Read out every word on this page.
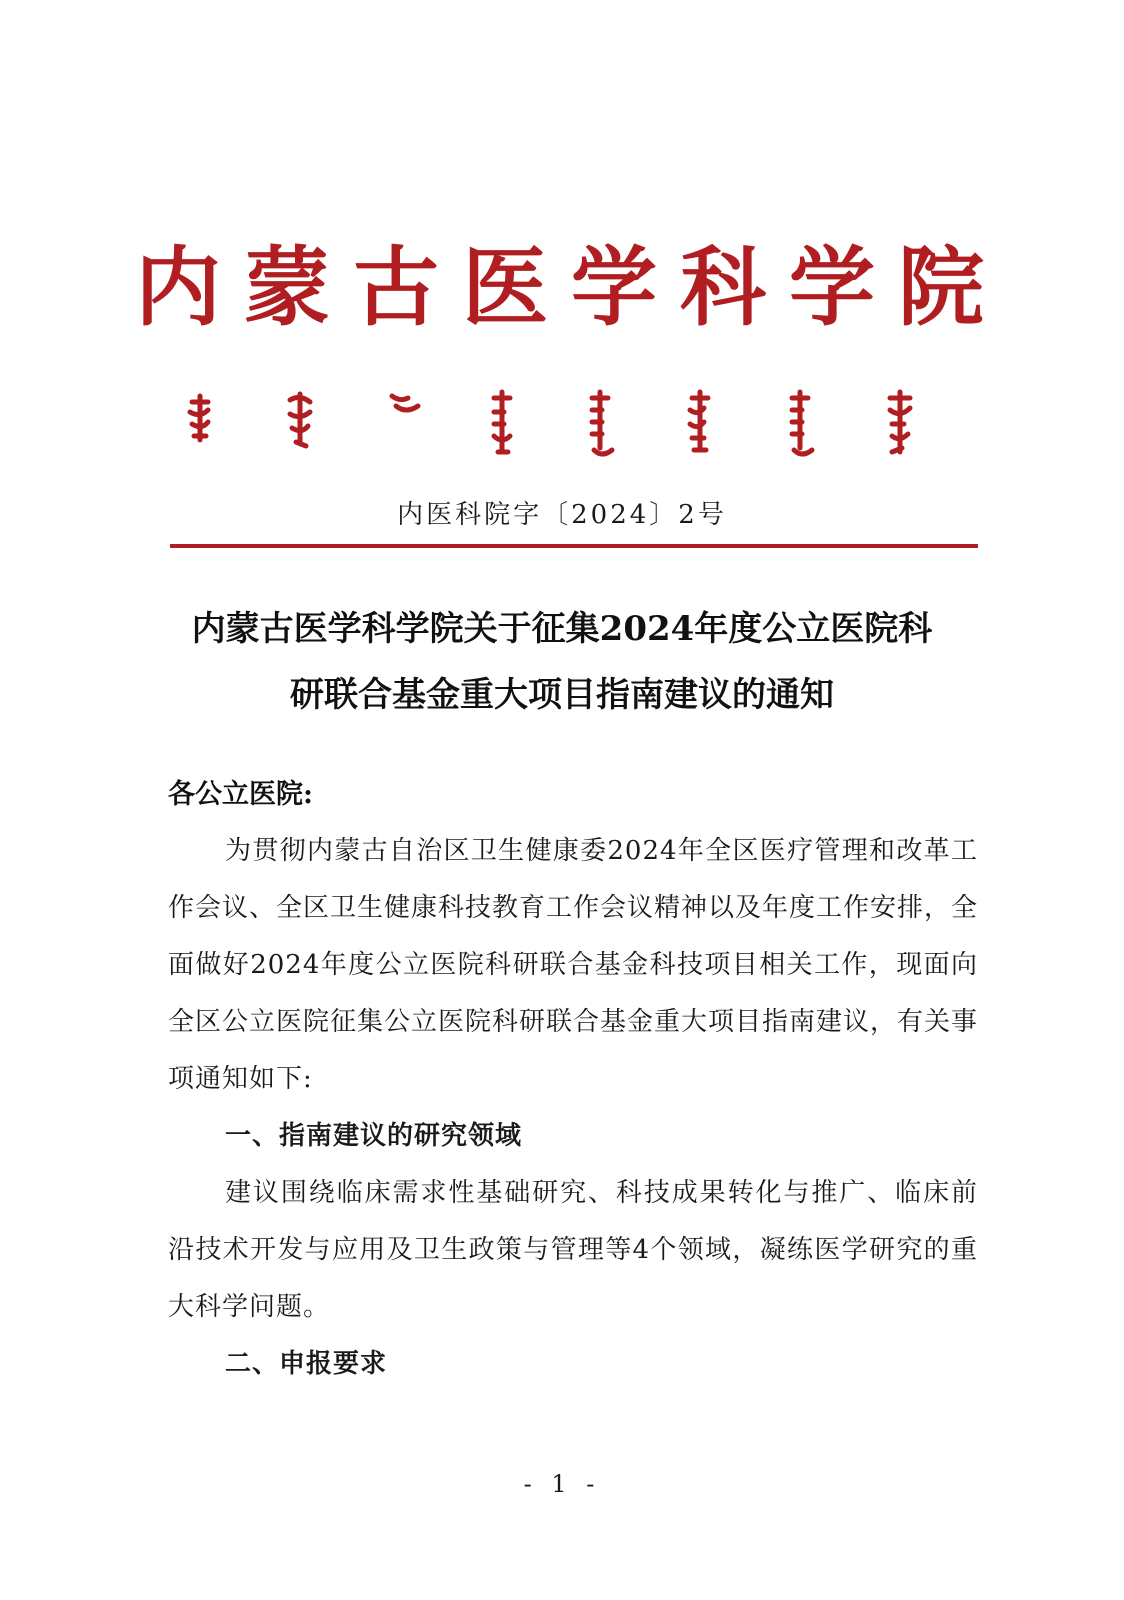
内蒙古医学科学院
内医科院字〔2024〕2号
内蒙古医学科学院关于征集2024年度公立医院科
研联合基金重大项目指南建议的通知
各公立医院:

为贯彻内蒙古自治区卫生健康委2024年全区医疗管理和改革工作会议、全区卫生健康科技教育工作会议精神以及年度工作安排，全面做好2024年度公立医院科研联合基金科技项目相关工作，现面向全区公立医院征集公立医院科研联合基金重大项目指南建议，有关事项通知如下:

一、指南建议的研究领域

建议围绕临床需求性基础研究、科技成果转化与推广、临床前沿技术开发与应用及卫生政策与管理等4个领域，凝练医学研究的重大科学问题。

二、申报要求

- 1 -
